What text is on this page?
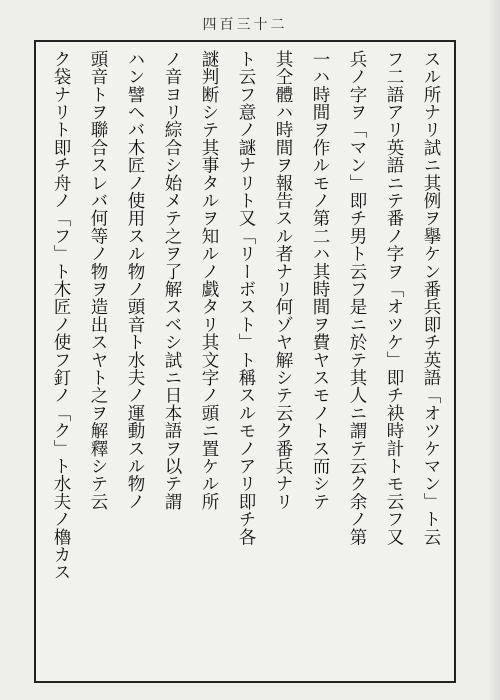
四百三十二
スル所ナリ試ニ其例ヲ擧ケン番兵即チ英語「オツケマン」ト云
フ二語アリ英語ニテ番ノ字ヲ「オツケ」即チ袂時計トモ云フ又
兵ノ字ヲ「マン」即チ男ト云フ是ニ於テ其人ニ謂テ云ク余ノ第
一ハ時間ヲ作ルモノ第二ハ其時間ヲ費ヤスモノトス而シテ
其仝體ハ時間ヲ報告スル者ナリ何ゾヤ解シテ云ク番兵ナリ
ト云フ意ノ謎ナリト又「リーボスト」ト稱スルモノアリ即チ各
謎判断シテ其事タルヲ知ルノ戯タリ其文字ノ頭ニ置ケル所
ノ音ヨリ綜合シ始メテ之ヲ了解スベシ試ニ日本語ヲ以テ謂
ハン譬ヘバ木匠ノ使用スル物ノ頭音ト水夫ノ運動スル物ノ
頭音トヲ聯合スレバ何等ノ物ヲ造出スヤト之ヲ解釋シテ云
ク袋ナリト即チ舟ノ「フ」ト木匠ノ使フ釘ノ「ク」ト水夫ノ櫓カス
